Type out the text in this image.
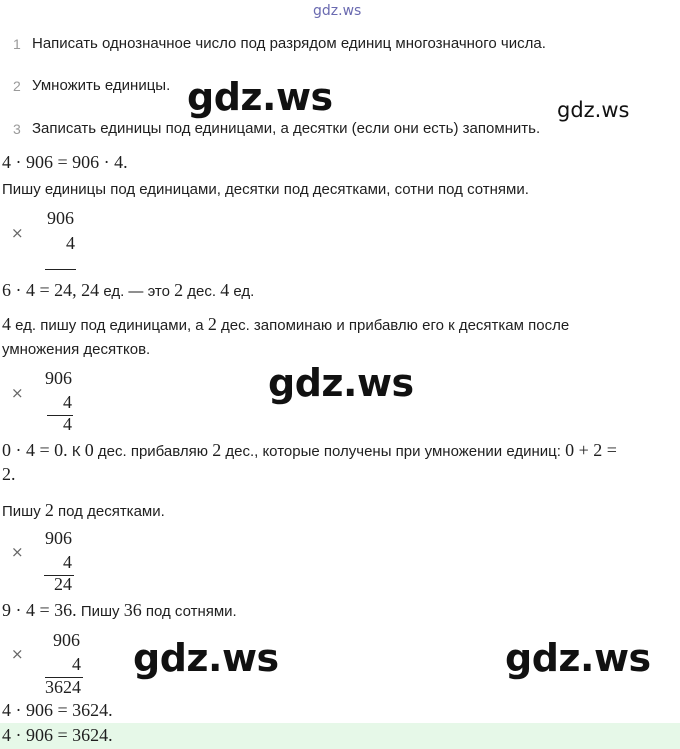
gdz.ws
1 Написать однозначное число под разрядом единиц многозначного числа.
2 Умножить единицы.
3 Записать единицы под единицами, а десятки (если они есть) запомнить.
gdz.ws	gdz.ws
4 · 906 = 906 · 4.
Пишу единицы под единицами, десятки под десятками, сотни под сотнями.
×
906
4
6 · 4 = 24, 24 ед. — это 2 дес. 4 ед.
4 ед. пишу под единицами, а 2 дес. запоминаю и прибавлю его к десяткам после
умножения десятков.
×
906
4
4
gdz.ws
0 · 4 = 0. К 0 дес. прибавляю 2 дес., которые получены при умножении единиц: 0 + 2 =
2.
Пишу 2 под десятками.
×
906
4
24
9 · 4 = 36. Пишу 36 под сотнями.
×
906
4
3624
gdz.ws	gdz.ws
4 · 906 = 3624.
4 · 906 = 3624.
